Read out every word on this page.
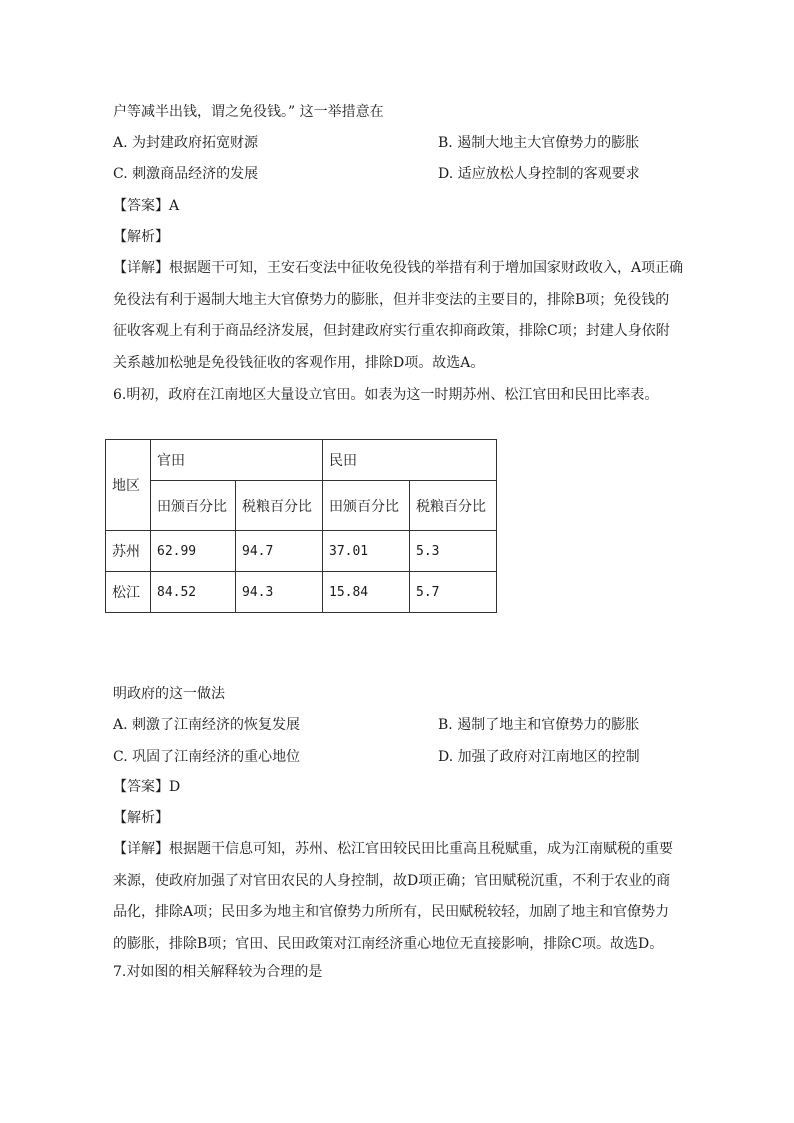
户等减半出钱，谓之免役钱。” 这一举措意在
A. 为封建政府拓宽财源	B. 遏制大地主大官僚势力的膨胀
C. 刺激商品经济的发展	D. 适应放松人身控制的客观要求
【答案】A
【解析】
【详解】根据题干可知，王安石变法中征收免役钱的举措有利于增加国家财政收入，A项正确
免役法有利于遏制大地主大官僚势力的膨胀，但并非变法的主要目的，排除B项；免役钱的
征收客观上有利于商品经济发展，但封建政府实行重农抑商政策，排除C项；封建人身依附
关系越加松驰是免役钱征收的客观作用，排除D项。故选A。
6.明初，政府在江南地区大量设立官田。如表为这一时期苏州、松江官田和民田比率表。
地区	官田		民田	
	田颁百分比	税粮百分比	田颁百分比	税粮百分比
苏州	62.99	94.7	37.01	5.3
松江	84.52	94.3	15.84	5.7
明政府的这一做法
A. 刺激了江南经济的恢复发展	B. 遏制了地主和官僚势力的膨胀
C. 巩固了江南经济的重心地位	D. 加强了政府对江南地区的控制
【答案】D
【解析】
【详解】根据题干信息可知，苏州、松江官田较民田比重高且税赋重，成为江南赋税的重要
来源，使政府加强了对官田农民的人身控制，故D项正确；官田赋税沉重，不利于农业的商
品化，排除A项；民田多为地主和官僚势力所所有，民田赋税较轻，加剧了地主和官僚势力
的膨胀，排除B项；官田、民田政策对江南经济重心地位无直接影响，排除C项。故选D。
7.对如图的相关解释较为合理的是
